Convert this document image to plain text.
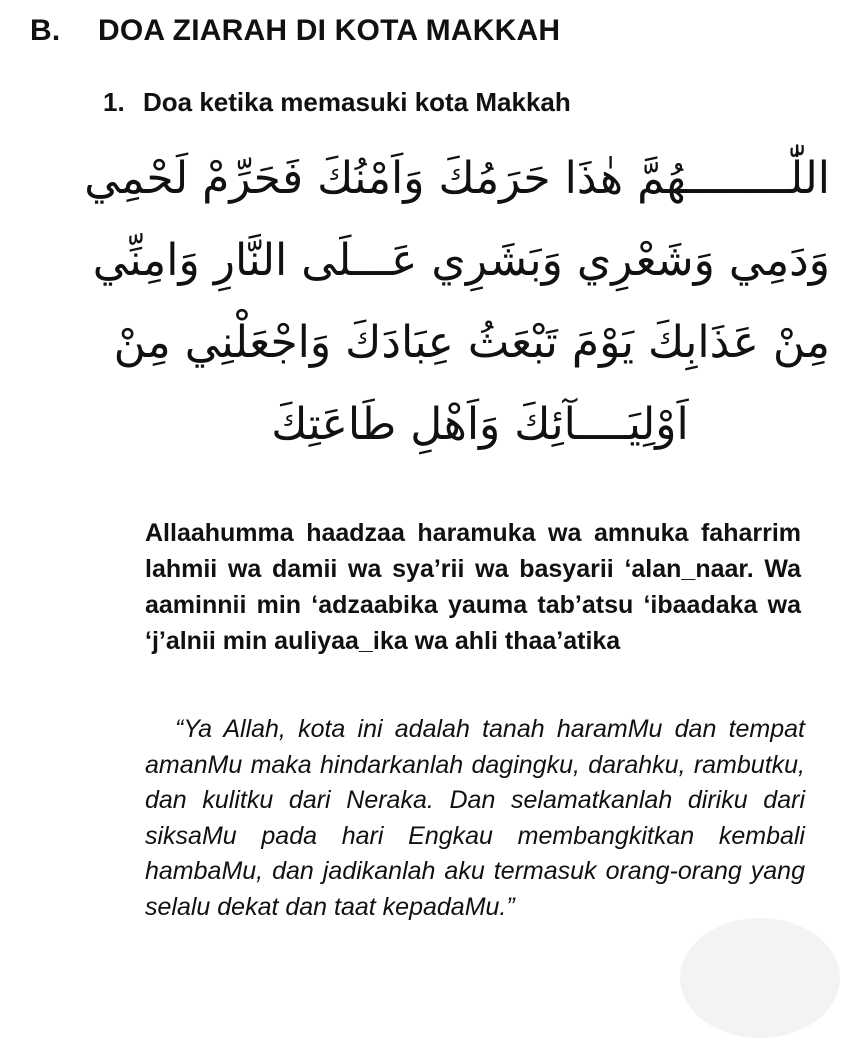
B. DOA ZIARAH DI KOTA MAKKAH
1. Doa ketika memasuki kota Makkah
اللّٰــــــــهُمَّ هٰذَا حَرَمُكَ وَاَمْنُكَ فَحَرِّمْ لَحْمِي
وَدَمِي وَشَعْرِي وَبَشَرِي عَـــلَى النَّارِ وَامِنِّي
مِنْ عَذَابِكَ يَوْمَ تَبْعَثُ عِبَادَكَ وَاجْعَلْنِي مِنْ
اَوْلِيَــــآئِكَ وَاَهْلِ طَاعَتِكَ

Allaahumma haadzaa haramuka wa amnuka faharrim lahmii wa damii wa sya’rii wa basyarii ‘alan_naar. Wa aaminnii min ‘adzaabika yauma tab’atsu ‘ibaadaka wa ‘j’alnii min auliyaa_ika wa ahli thaa’atika

“Ya Allah, kota ini adalah tanah haramMu dan tempat amanMu maka hindarkanlah dagingku, darahku, rambutku, dan kulitku dari Neraka. Dan selamatkanlah diriku dari siksaMu pada hari Engkau membangkitkan kembali hambaMu, dan jadikanlah aku termasuk orang-orang yang selalu dekat dan taat kepadaMu.”
